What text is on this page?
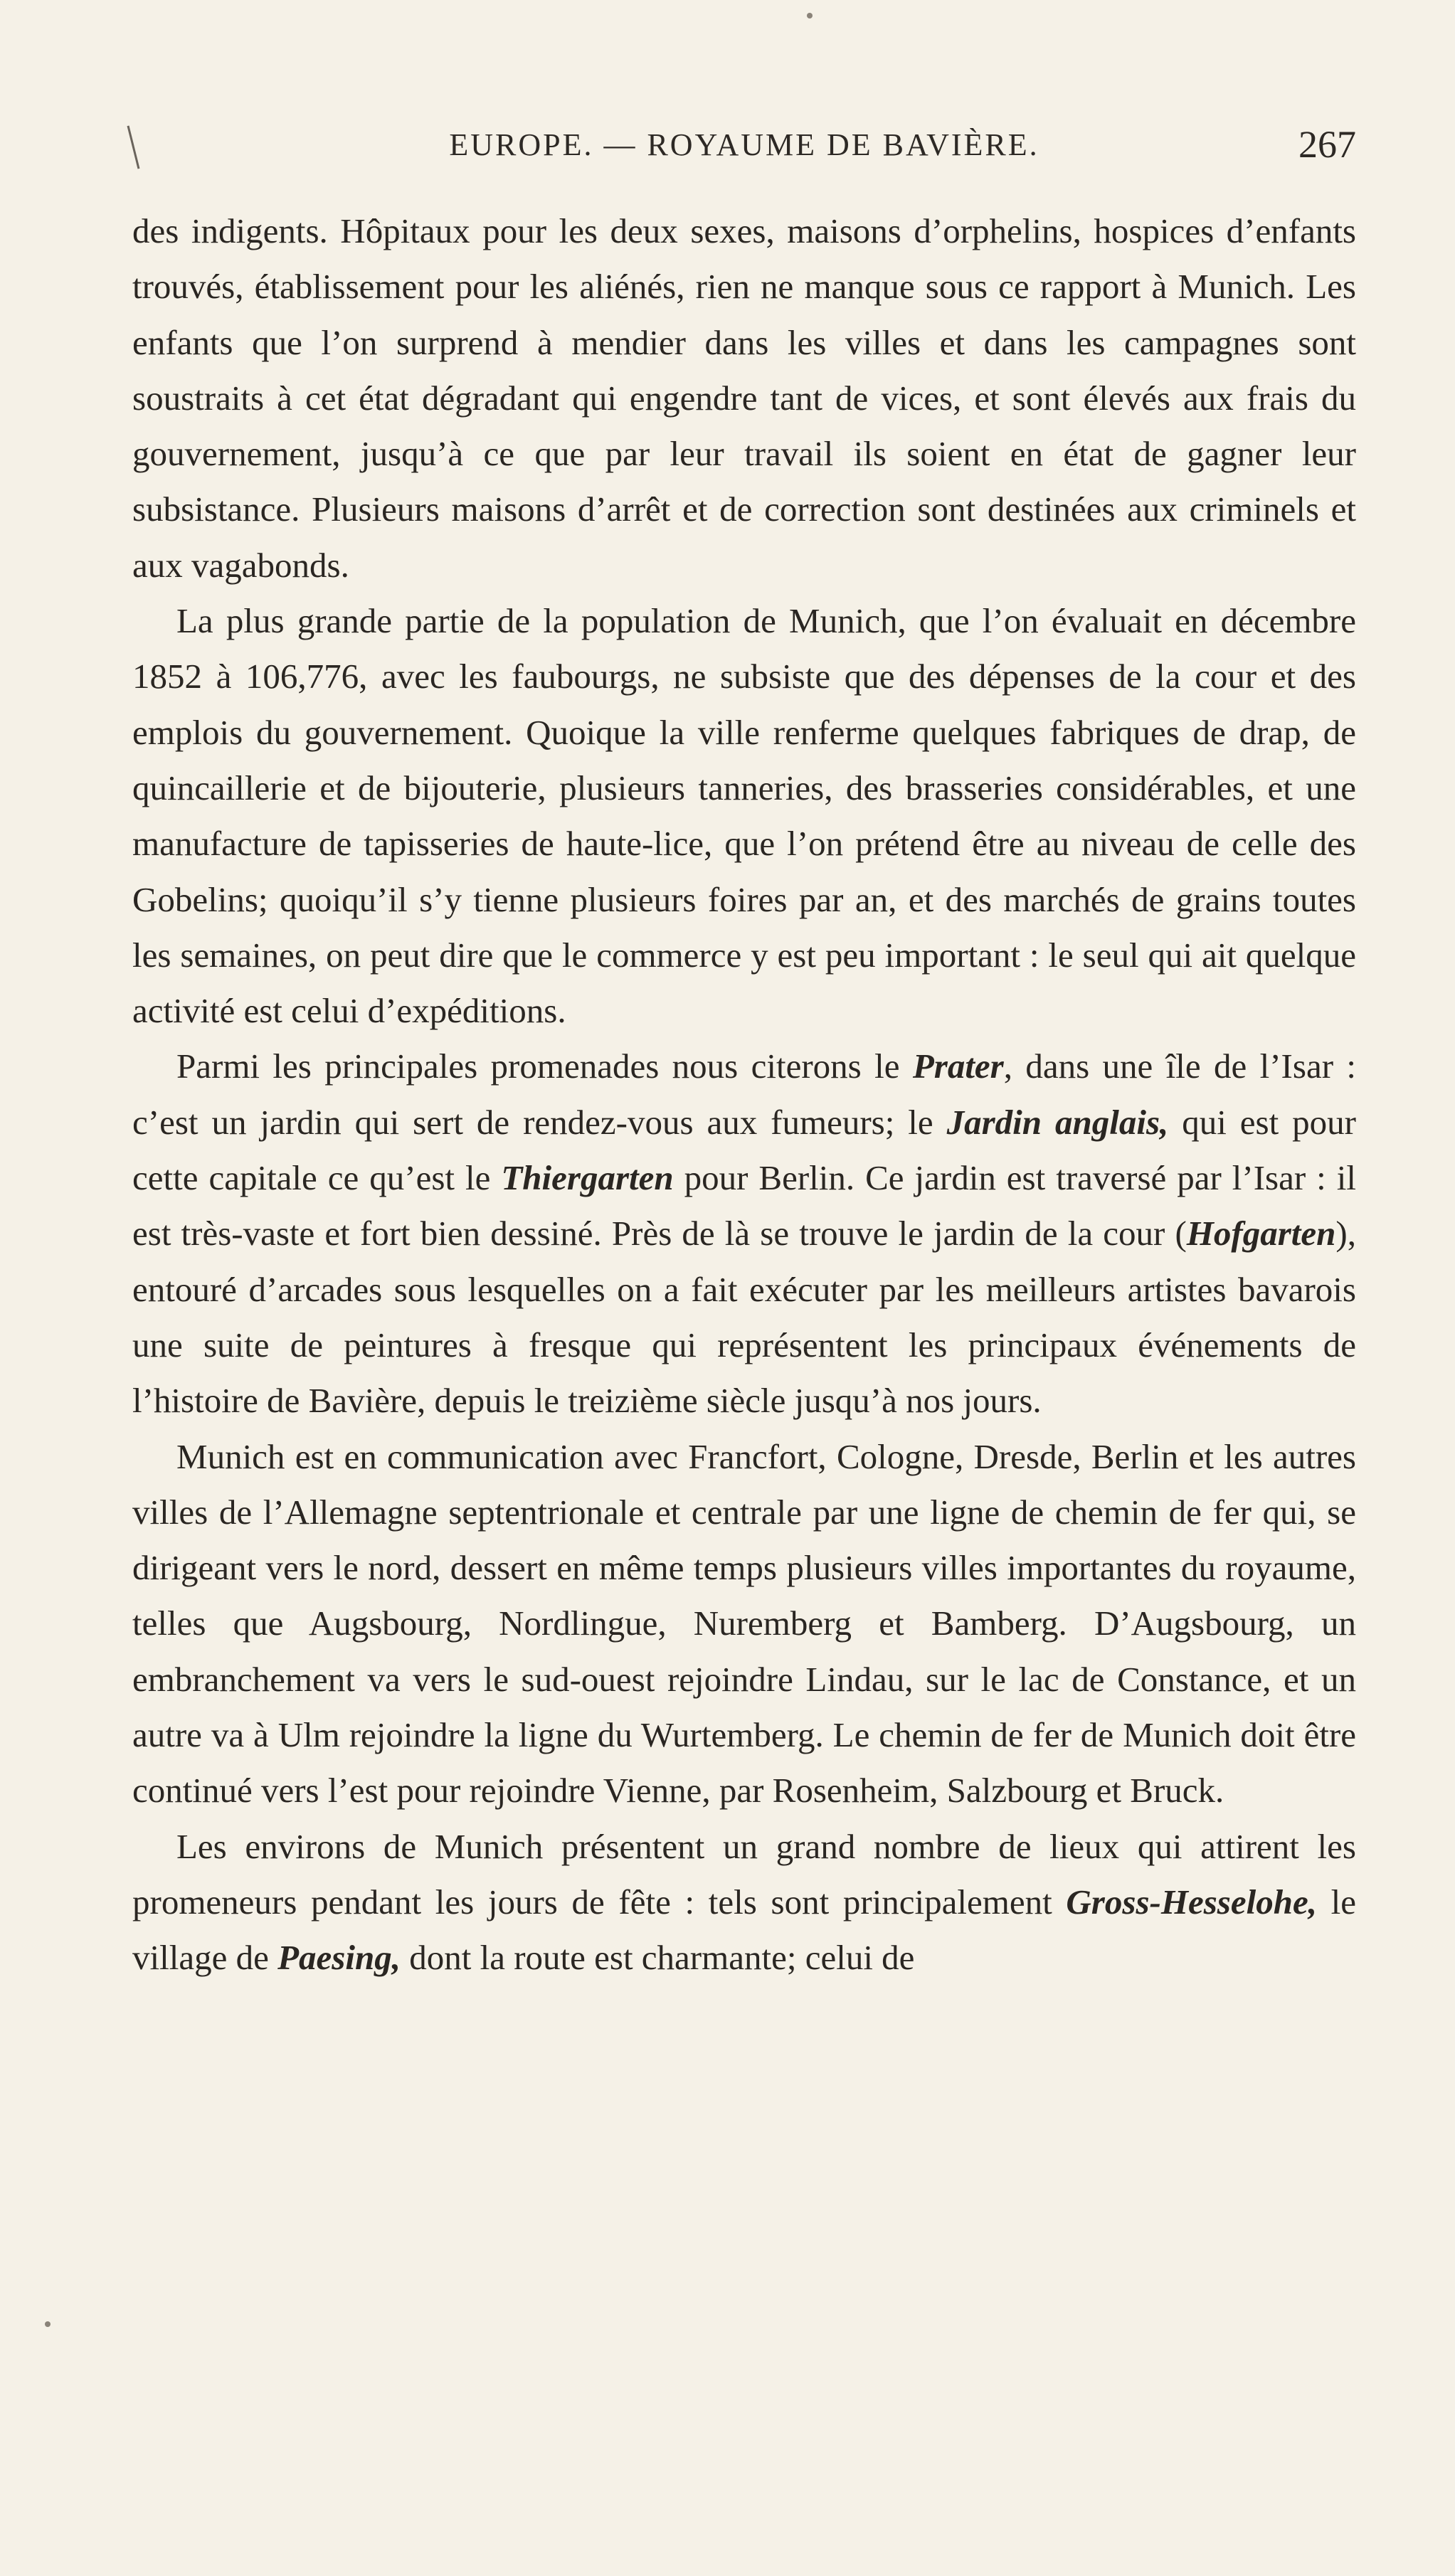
EUROPE. — ROYAUME DE BAVIÈRE.	267

des indigents. Hôpitaux pour les deux sexes, maisons d’orphelins, hospices d’enfants trouvés, établissement pour les aliénés, rien ne manque sous ce rapport à Munich. Les enfants que l’on surprend à mendier dans les villes et dans les campagnes sont soustraits à cet état dégradant qui engendre tant de vices, et sont élevés aux frais du gouvernement, jusqu’à ce que par leur travail ils soient en état de gagner leur subsistance. Plusieurs maisons d’arrêt et de correction sont destinées aux criminels et aux vagabonds.

La plus grande partie de la population de Munich, que l’on évaluait en décembre 1852 à 106,776, avec les faubourgs, ne subsiste que des dépenses de la cour et des emplois du gouvernement. Quoique la ville renferme quelques fabriques de drap, de quincaillerie et de bijouterie, plusieurs tanneries, des brasseries considérables, et une manufacture de tapisseries de haute-lice, que l’on prétend être au niveau de celle des Gobelins; quoiqu’il s’y tienne plusieurs foires par an, et des marchés de grains toutes les semaines, on peut dire que le commerce y est peu important : le seul qui ait quelque activité est celui d’expéditions.

Parmi les principales promenades nous citerons le Prater, dans une île de l’Isar : c’est un jardin qui sert de rendez-vous aux fumeurs; le Jardin anglais, qui est pour cette capitale ce qu’est le Thiergarten pour Berlin. Ce jardin est traversé par l’Isar : il est très-vaste et fort bien dessiné. Près de là se trouve le jardin de la cour (Hofgarten), entouré d’arcades sous lesquelles on a fait exécuter par les meilleurs artistes bavarois une suite de peintures à fresque qui représentent les principaux événements de l’histoire de Bavière, depuis le treizième siècle jusqu’à nos jours.

Munich est en communication avec Francfort, Cologne, Dresde, Berlin et les autres villes de l’Allemagne septentrionale et centrale par une ligne de chemin de fer qui, se dirigeant vers le nord, dessert en même temps plusieurs villes importantes du royaume, telles que Augsbourg, Nordlingue, Nuremberg et Bamberg. D’Augsbourg, un embranchement va vers le sud-ouest rejoindre Lindau, sur le lac de Constance, et un autre va à Ulm rejoindre la ligne du Wurtemberg. Le chemin de fer de Munich doit être continué vers l’est pour rejoindre Vienne, par Rosenheim, Salzbourg et Bruck.

Les environs de Munich présentent un grand nombre de lieux qui attirent les promeneurs pendant les jours de fête : tels sont principalement Gross-Hesselohe, le village de Paesing, dont la route est charmante; celui de
